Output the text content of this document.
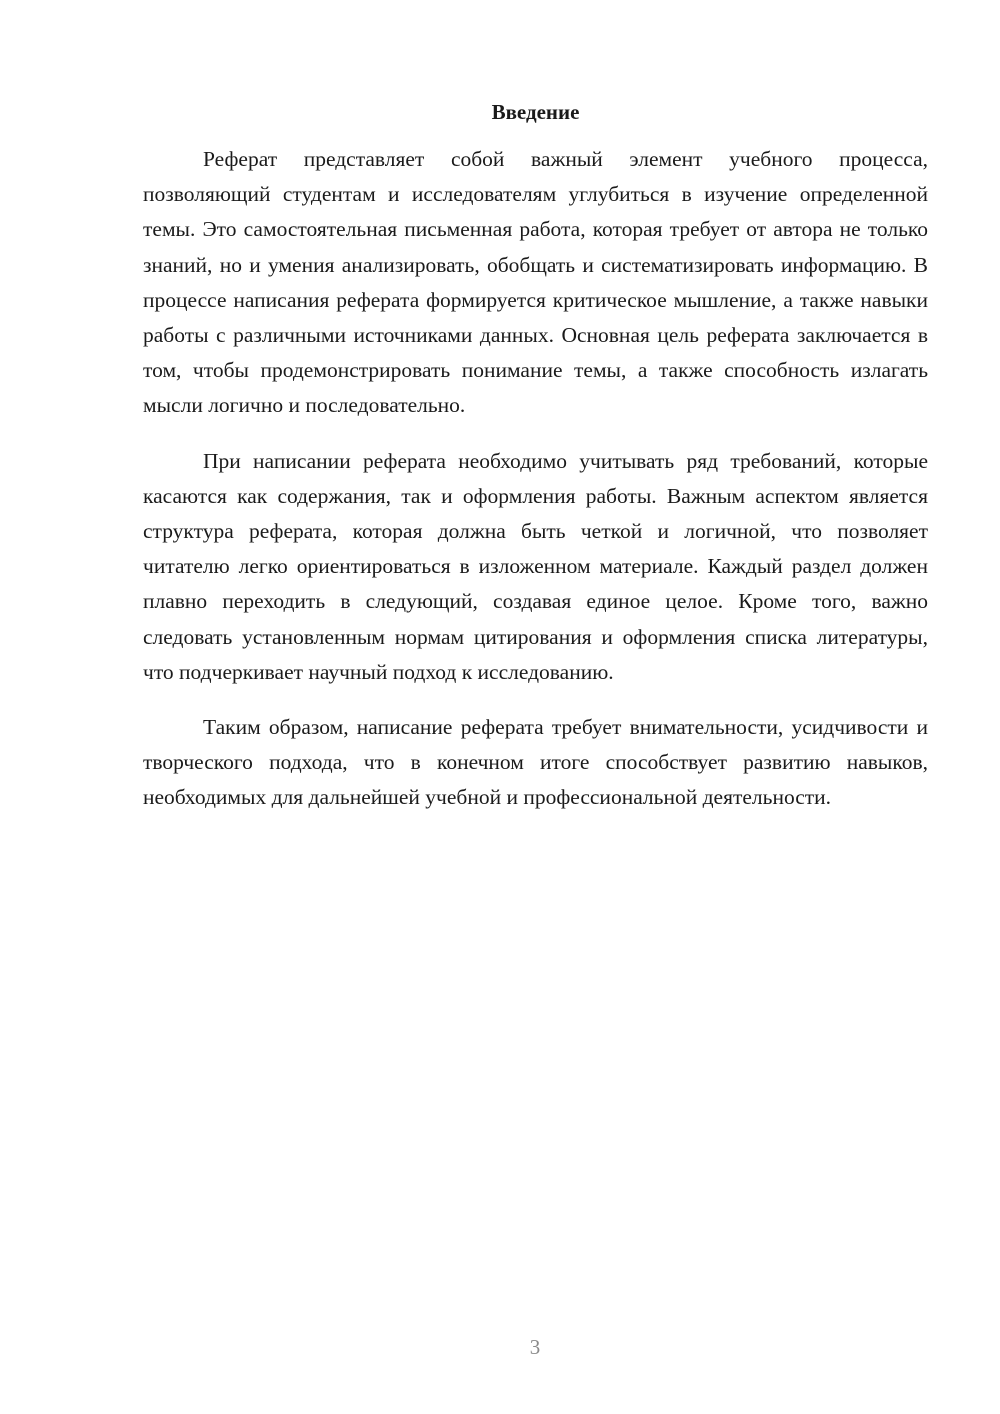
Введение

Реферат представляет собой важный элемент учебного процесса, позволяющий студентам и исследователям углубиться в изучение определенной темы. Это самостоятельная письменная работа, которая требует от автора не только знаний, но и умения анализировать, обобщать и систематизировать информацию. В процессе написания реферата формируется критическое мышление, а также навыки работы с различными источниками данных. Основная цель реферата заключается в том, чтобы продемонстрировать понимание темы, а также способность излагать мысли логично и последовательно.

При написании реферата необходимо учитывать ряд требований, которые касаются как содержания, так и оформления работы. Важным аспектом является структура реферата, которая должна быть четкой и логичной, что позволяет читателю легко ориентироваться в изложенном материале. Каждый раздел должен плавно переходить в следующий, создавая единое целое. Кроме того, важно следовать установленным нормам цитирования и оформления списка литературы, что подчеркивает научный подход к исследованию.

Таким образом, написание реферата требует внимательности, усидчивости и творческого подхода, что в конечном итоге способствует развитию навыков, необходимых для дальнейшей учебной и профессиональной деятельности.

3
